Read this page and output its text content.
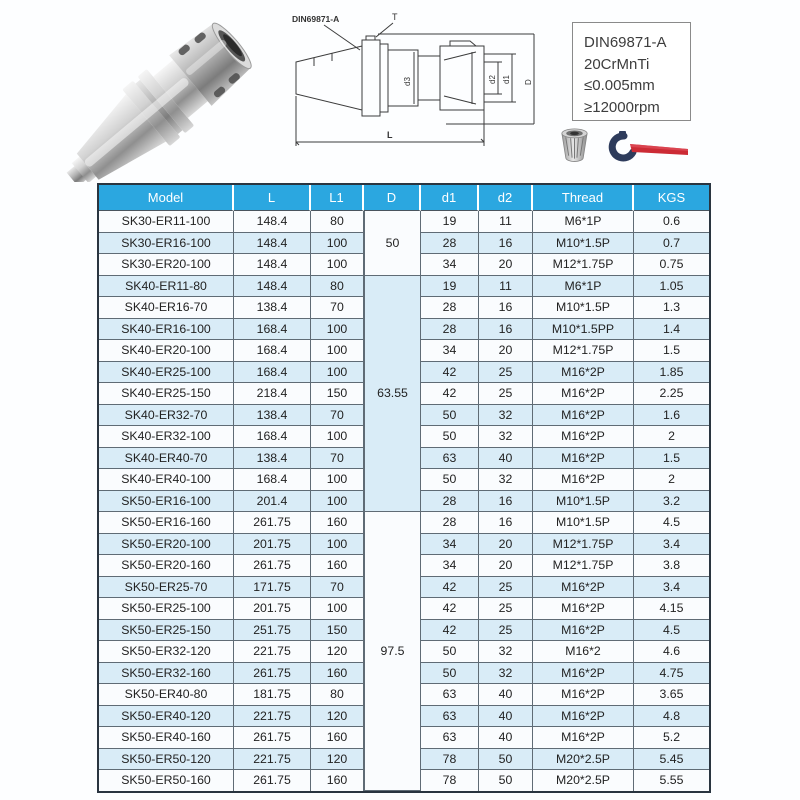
DIN69871-A	T
d3	d2 d1 D
L
DIN69871-A
20CrMnTi
≤0.005mm
≥12000rpm
Model	L	L1	D	d1	d2	Thread	KGS
SK30-ER11-100	148.4	80	50	19	11	M6*1P	0.6
SK30-ER16-100	148.4	100		28	16	M10*1.5P	0.7
SK30-ER20-100	148.4	100		34	20	M12*1.75P	0.75
SK40-ER11-80	148.4	80	63.55	19	11	M6*1P	1.05
SK40-ER16-70	138.4	70		28	16	M10*1.5P	1.3
SK40-ER16-100	168.4	100		28	16	M10*1.5PP	1.4
SK40-ER20-100	168.4	100		34	20	M12*1.75P	1.5
SK40-ER25-100	168.4	100		42	25	M16*2P	1.85
SK40-ER25-150	218.4	150		42	25	M16*2P	2.25
SK40-ER32-70	138.4	70		50	32	M16*2P	1.6
SK40-ER32-100	168.4	100		50	32	M16*2P	2
SK40-ER40-70	138.4	70		63	40	M16*2P	1.5
SK40-ER40-100	168.4	100		50	32	M16*2P	2
SK50-ER16-100	201.4	100		28	16	M10*1.5P	3.2
SK50-ER16-160	261.75	160	97.5	28	16	M10*1.5P	4.5
SK50-ER20-100	201.75	100		34	20	M12*1.75P	3.4
SK50-ER20-160	261.75	160		34	20	M12*1.75P	3.8
SK50-ER25-70	171.75	70		42	25	M16*2P	3.4
SK50-ER25-100	201.75	100		42	25	M16*2P	4.15
SK50-ER25-150	251.75	150		42	25	M16*2P	4.5
SK50-ER32-120	221.75	120		50	32	M16*2	4.6
SK50-ER32-160	261.75	160		50	32	M16*2P	4.75
SK50-ER40-80	181.75	80		63	40	M16*2P	3.65
SK50-ER40-120	221.75	120		63	40	M16*2P	4.8
SK50-ER40-160	261.75	160		63	40	M16*2P	5.2
SK50-ER50-120	221.75	120		78	50	M20*2.5P	5.45
SK50-ER50-160	261.75	160		78	50	M20*2.5P	5.55
